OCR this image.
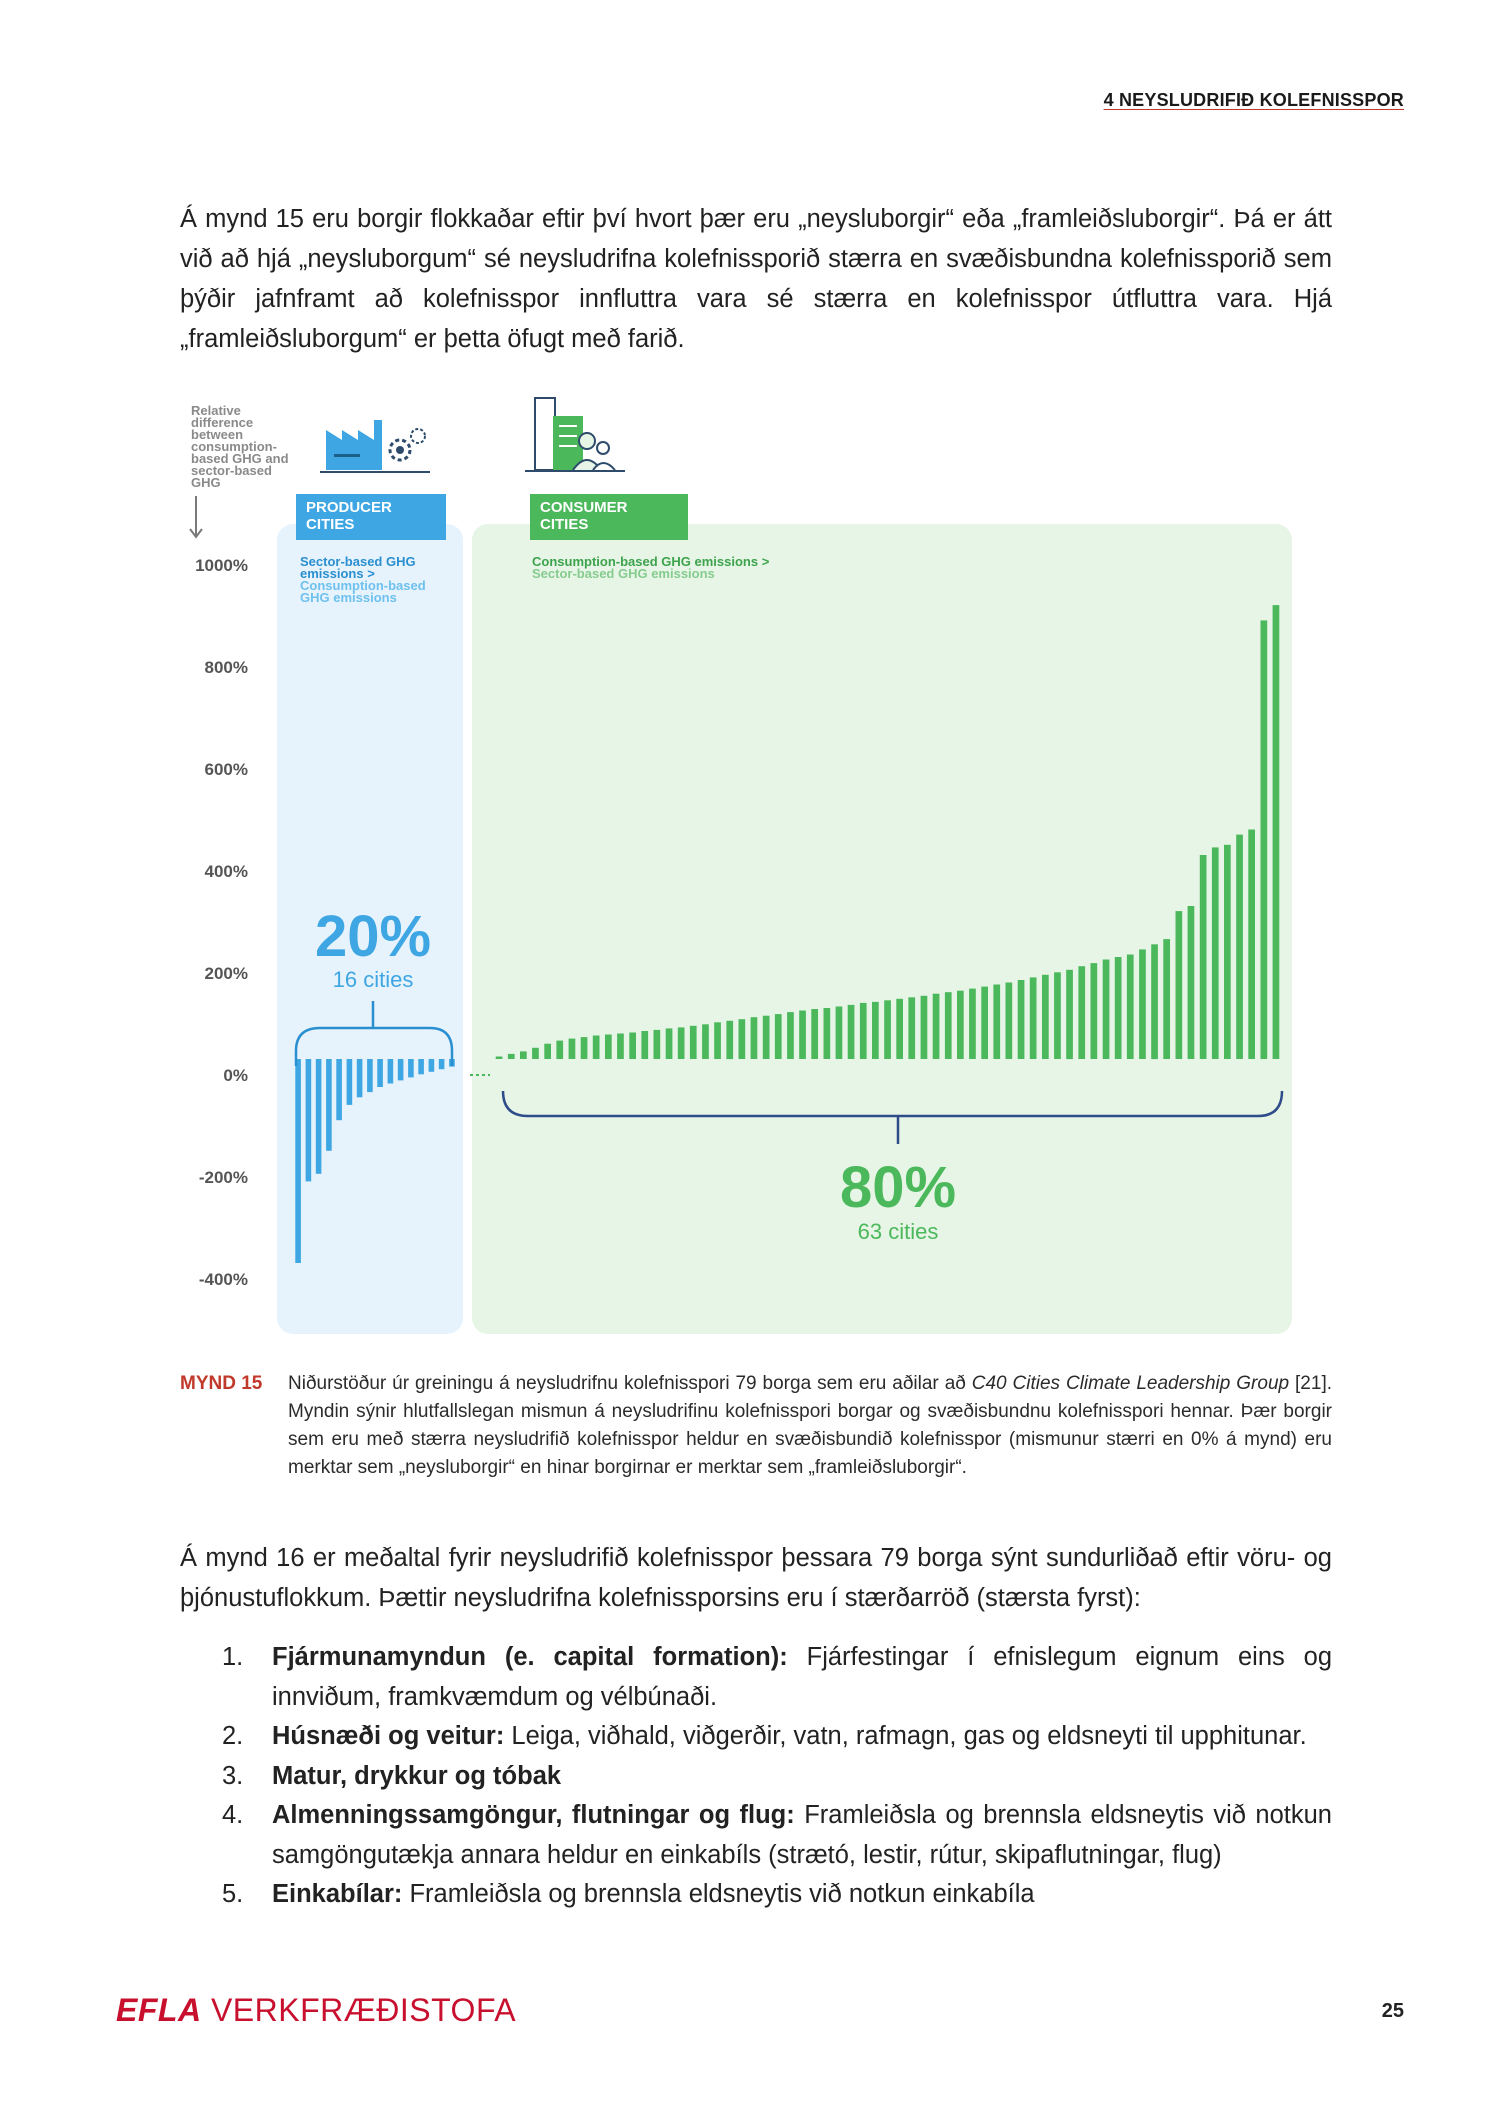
4 NEYSLUDRIFIÐ KOLEFNISSPOR

Á mynd 15 eru borgir flokkaðar eftir því hvort þær eru „neysluborgir“ eða „framleiðsluborgir“. Þá er átt við að hjá „neysluborgum“ sé neysludrifna kolefnissporið stærra en svæðisbundna kolefnissporið sem þýðir jafnframt að kolefnisspor innfluttra vara sé stærra en kolefnisspor útfluttra vara. Hjá „framleiðsluborgum“ er þetta öfugt með farið.

Relative difference between consumption- based GHG and sector-based GHG
PRODUCER CITIES
CONSUMER CITIES
Sector-based GHG emissions > Consumption-based GHG emissions
Consumption-based GHG emissions > Sector-based GHG emissions
1000%
800%
600%
400%
200%
0%
-200%
-400%
20%
16 cities
80%
63 cities
MYND 15 Niðurstöður úr greiningu á neysludrifnu kolefnisspori 79 borga sem eru aðilar að C40 Cities Climate Leadership Group [21]. Myndin sýnir hlutfallslegan mismun á neysludrifinu kolefnisspori borgar og svæðisbundnu kolefnisspori hennar. Þær borgir sem eru með stærra neysludrifið kolefnisspor heldur en svæðisbundið kolefnisspor (mismunur stærri en 0% á mynd) eru merktar sem „neysluborgir“ en hinar borgirnar er merktar sem „framleiðsluborgir“.

Á mynd 16 er meðaltal fyrir neysludrifið kolefnisspor þessara 79 borga sýnt sundurliðað eftir vöru- og þjónustuflokkum. Þættir neysludrifna kolefnissporsins eru í stærðarröð (stærsta fyrst):

1. Fjármunamyndun (e. capital formation): Fjárfestingar í efnislegum eignum eins og innviðum, framkvæmdum og vélbúnaði.
2. Húsnæði og veitur: Leiga, viðhald, viðgerðir, vatn, rafmagn, gas og eldsneyti til upphitunar.
3. Matur, drykkur og tóbak
4. Almenningssamgöngur, flutningar og flug: Framleiðsla og brennsla eldsneytis við notkun samgöngutækja annara heldur en einkabíls (strætó, lestir, rútur, skipaflutningar, flug)
5. Einkabílar: Framleiðsla og brennsla eldsneytis við notkun einkabíla
EFLA VERKFRÆÐISTOFA	25
